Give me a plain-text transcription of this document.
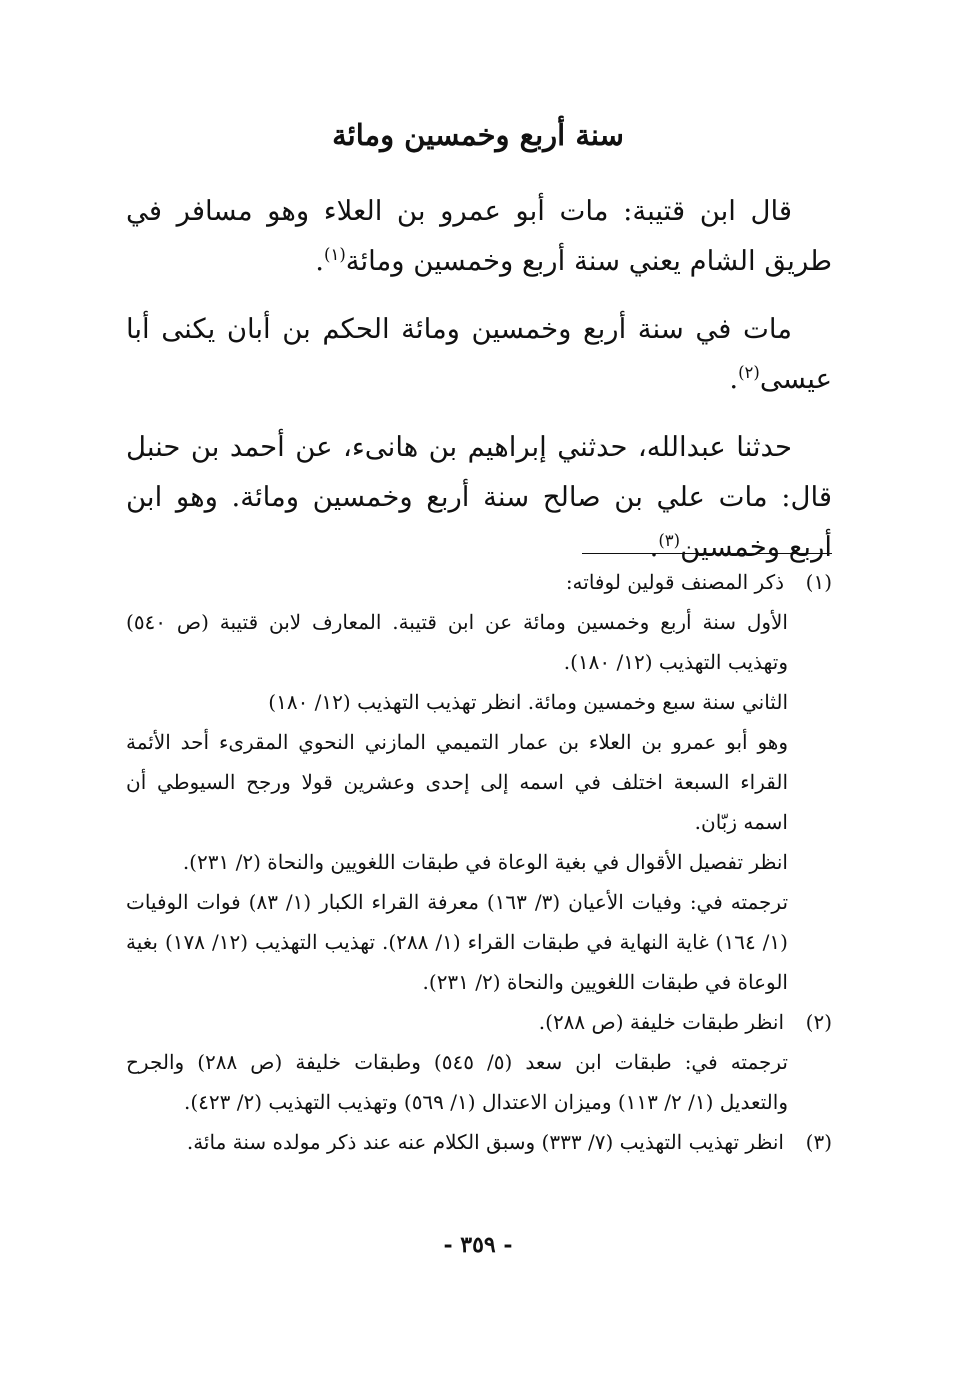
سنة أربع وخمسين ومائة

قال ابن قتيبة: مات أبو عمرو بن العلاء وهو مسافر في طريق الشام يعني سنة أربع وخمسين ومائة$^{(١)}$.

مات في سنة أربع وخمسين ومائة الحكم بن أبان يكنى أبا عيسى$^{(٢)}$.

حدثنا عبدالله، حدثني إبراهيم بن هانىء، عن أحمد بن حنبل قال: مات علي بن صالح سنة أربع وخمسين ومائة. وهو ابن أربع وخمسين$^{(٣)}$.

(١)
ذكر المصنف قولين لوفاته:

الأول سنة أربع وخمسين ومائة عن ابن قتيبة. المعارف لابن قتيبة (ص ٥٤٠) وتهذيب التهذيب (١٢/ ١٨٠).

الثاني سنة سبع وخمسين ومائة. انظر تهذيب التهذيب (١٢/ ١٨٠)

وهو أبو عمرو بن العلاء بن عمار التميمي المازني النحوي المقرىء أحد الأئمة القراء السبعة اختلف في اسمه إلى إحدى وعشرين قولا ورجح السيوطي أن اسمه زبّان.

انظر تفصيل الأقوال في بغية الوعاة في طبقات اللغويين والنحاة (٢/ ٢٣١).

ترجمته في: وفيات الأعيان (٣/ ١٦٣) معرفة القراء الكبار (١/ ٨٣) فوات الوفيات (١/ ١٦٤) غاية النهاية في طبقات القراء (١/ ٢٨٨). تهذيب التهذيب (١٢/ ١٧٨) بغية الوعاة في طبقات اللغويين والنحاة (٢/ ٢٣١).

(٢)
انظر طبقات خليفة (ص ٢٨٨).

ترجمته في: طبقات ابن سعد (٥/ ٥٤٥) وطبقات خليفة (ص ٢٨٨) والجرح والتعديل (١/ ٢/ ١١٣) وميزان الاعتدال (١/ ٥٦٩) وتهذيب التهذيب (٢/ ٤٢٣).

(٣)
انظر تهذيب التهذيب (٧/ ٣٣٣) وسبق الكلام عنه عند ذكر مولده سنة مائة.

- ٣٥٩ -
